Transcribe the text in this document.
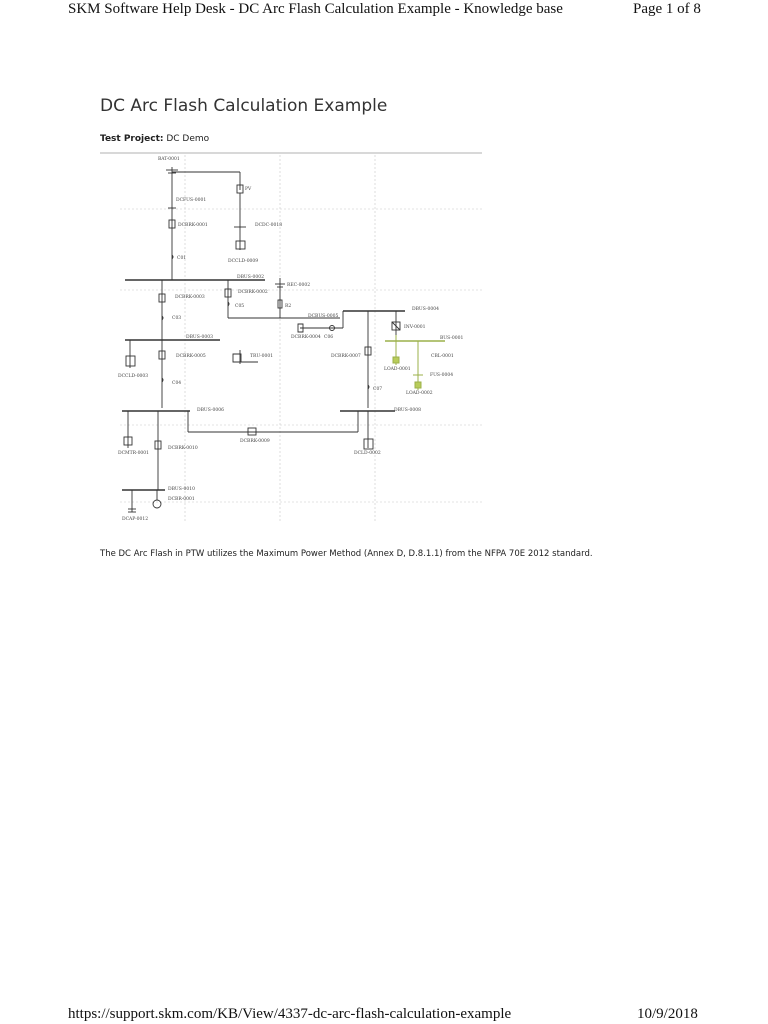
SKM Software Help Desk - DC Arc Flash Calculation Example - Knowledge base	Page 1 of 8
DC Arc Flash Calculation Example
Test Project: DC Demo
BAT-0001
DCFUS-0001
PV
DCBRK-0001	DCDC-0018
C01
DCCLD-0009
DBUS-0002
REC-0002
DCBRK-0002
DCBRK-0003
C05	R2
C03
DBUS-0004
DCBUS-0005
INV-0001
DBUS-0003	BUS-0001
DCBRK-0004 C06
DCBRK-0005	TRU-0001	DCBRK-0007	CBL-0001
DCCLD-0003
LOAD-0001
FUS-0004
C04
C07
LOAD-0002
DBUS-0006	DBUS-0008
DCBRK-0009
DCBRK-0010
DCMTR-0001	DCLD-0002
DBUS-0010
DCBR-0001
DCAP-0012
The DC Arc Flash in PTW utilizes the Maximum Power Method (Annex D, D.8.1.1) from the NFPA 70E 2012 standard.
https://support.skm.com/KB/View/4337-dc-arc-flash-calculation-example	10/9/2018
